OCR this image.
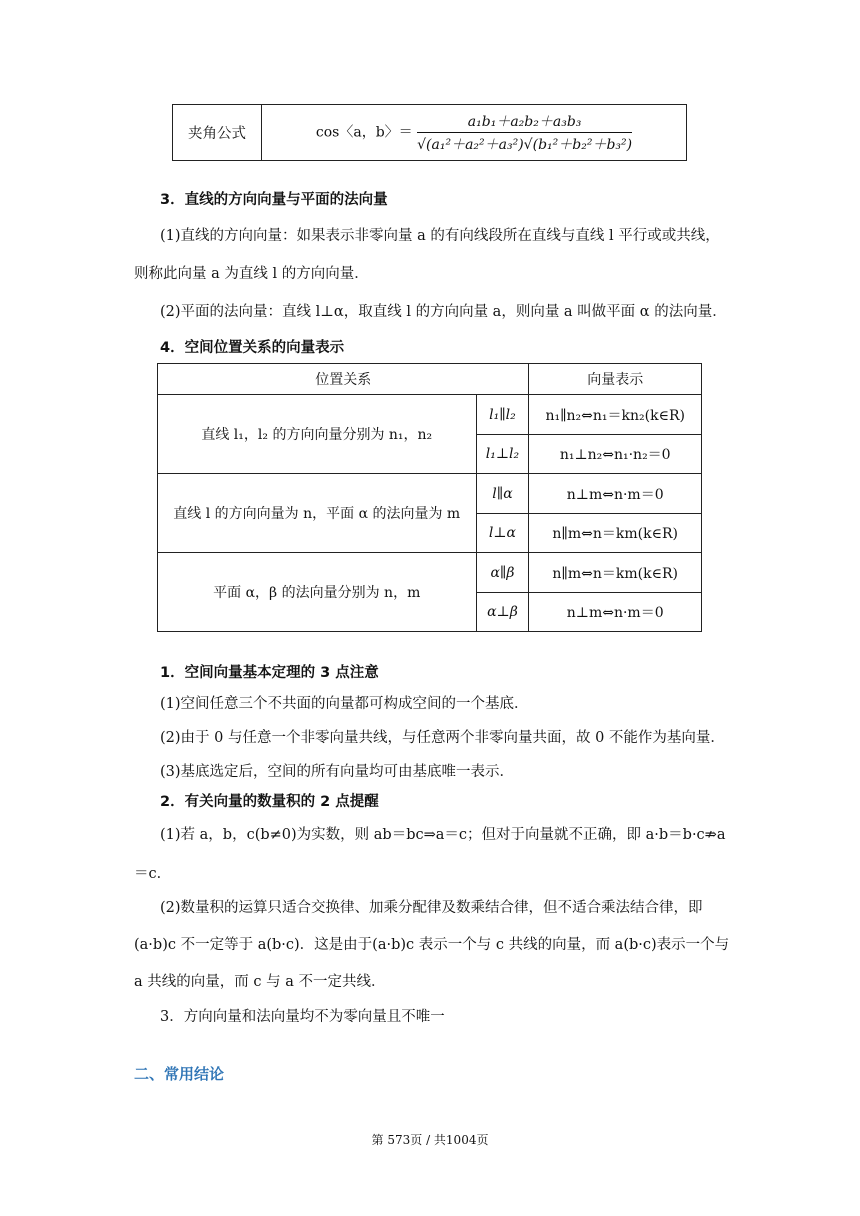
夹角公式	cos〈a，b〉＝ $\frac{\text{a₁b₁＋a₂b₂＋a₃b₃}}{\text{√(a₁²＋a₂²＋a₃²)√(b₁²＋b₂²＋b₃²)}}$
3．直线的方向向量与平面的法向量
(1)直线的方向向量：如果表示非零向量 a 的有向线段所在直线与直线 l 平行或或共线，
则称此向量 a 为直线 l 的方向向量．
(2)平面的法向量：直线 l⊥α，取直线 l 的方向向量 a，则向量 a 叫做平面 α 的法向量．
4．空间位置关系的向量表示
位置关系		向量表示
直线 l₁，l₂ 的方向向量分别为 n₁，n₂	l₁∥l₂	n₁∥n₂⇔n₁＝kn₂(k∈R)
	l₁⊥l₂	n₁⊥n₂⇔n₁·n₂＝0
直线 l 的方向向量为 n，平面 α 的法向量为 m	l∥α	n⊥m⇔n·m＝0
	l⊥α	n∥m⇔n＝km(k∈R)
平面 α，β 的法向量分别为 n，m	α∥β	n∥m⇔n＝km(k∈R)
	α⊥β	n⊥m⇔n·m＝0
1．空间向量基本定理的 3 点注意
(1)空间任意三个不共面的向量都可构成空间的一个基底．
(2)由于 0 与任意一个非零向量共线，与任意两个非零向量共面，故 0 不能作为基向量．
(3)基底选定后，空间的所有向量均可由基底唯一表示．
2．有关向量的数量积的 2 点提醒
(1)若 a，b，c(b≠0)为实数，则 ab＝bc⇒a＝c；但对于向量就不正确，即 a·b＝b·c⇏a
＝c．
(2)数量积的运算只适合交换律、加乘分配律及数乘结合律，但不适合乘法结合律，即
(a·b)c 不一定等于 a(b·c)．这是由于(a·b)c 表示一个与 c 共线的向量，而 a(b·c)表示一个与
a 共线的向量，而 c 与 a 不一定共线．
3．方向向量和法向量均不为零向量且不唯一
二、常用结论
第 573页 / 共1004页
